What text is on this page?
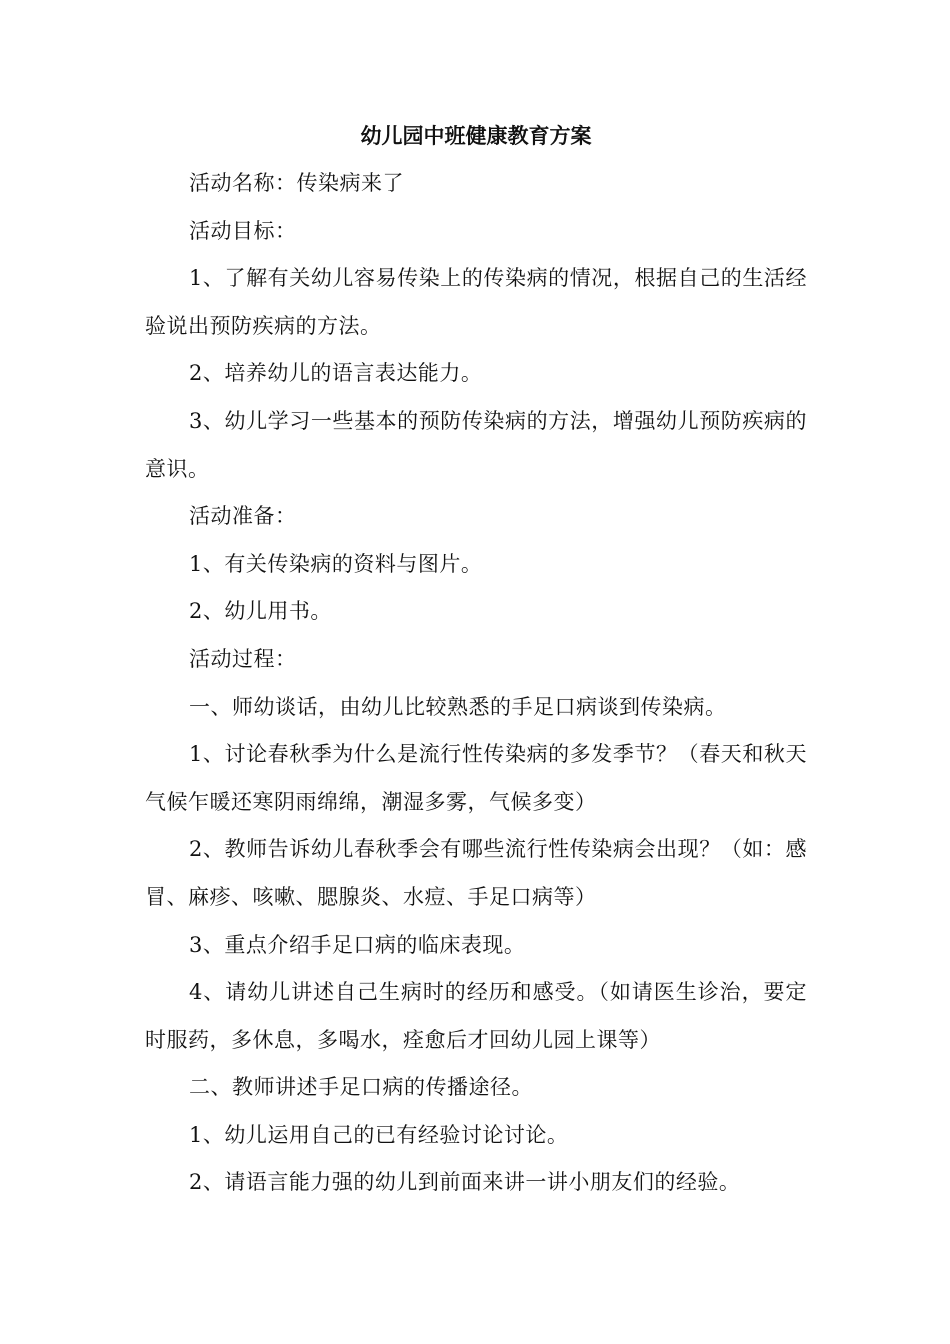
幼儿园中班健康教育方案

活动名称：传染病来了

活动目标：

1、了解有关幼儿容易传染上的传染病的情况，根据自己的生活经验说出预防疾病的方法。

2、培养幼儿的语言表达能力。

3、幼儿学习一些基本的预防传染病的方法，增强幼儿预防疾病的意识。

活动准备：

1、有关传染病的资料与图片。

2、幼儿用书。

活动过程：

一、师幼谈话，由幼儿比较熟悉的手足口病谈到传染病。

1、讨论春秋季为什么是流行性传染病的多发季节？（春天和秋天气候乍暖还寒阴雨绵绵，潮湿多雾，气候多变）

2、教师告诉幼儿春秋季会有哪些流行性传染病会出现？（如：感冒、麻疹、咳嗽、腮腺炎、水痘、手足口病等）

3、重点介绍手足口病的临床表现。

4、请幼儿讲述自己生病时的经历和感受。（如请医生诊治，要定时服药，多休息，多喝水，痊愈后才回幼儿园上课等）

二、教师讲述手足口病的传播途径。

1、幼儿运用自己的已有经验讨论讨论。

2、请语言能力强的幼儿到前面来讲一讲小朋友们的经验。
